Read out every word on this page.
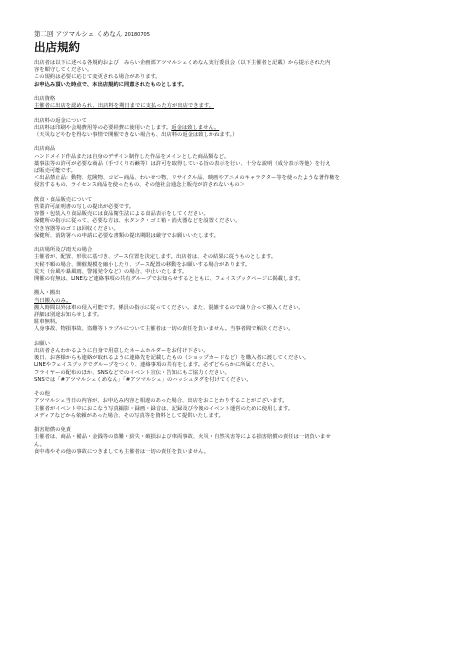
第二回 アツマルシェ くめなん 20180705
出店規約
出店者は以下に述べる各規約および　みらい企画部アツマルシェくめなん実行委員会（以下主催者と記載）から提示された内
容を順守してください。
この規約は必要に応じて変更される場合があります。
お申込み頂いた時点で、本出店規約に同意されたものとします。
出店資格
主催者に出店を認められ、出店料を期日までに支払った方が出店できます。
出店料の返金について
出店料は印刷や会場費用等の必要経費に使用いたします。返金は致しません。
（天災などやむを得ない事情で開催できない場合も、出店料の返金は致しかねます。）
出店商品
ハンドメイド作品または自身のデザイン制作した作品をメインとした商品類など。
薬事法等の許可が必要な商品（手づくり石鹸等）は許可を取得している旨の表示を行い、十分な説明（成分表示等他）を行え
ば販売可能です。
＜出品禁止品：動物、危険物、コピー商品、わいせつ物、リサイクル品、映画やアニメのキャラクター等を使ったような著作権を
侵害するもの、ライセンス商品を使ったもの、その他社会通念上販売が許されないもの＞
飲食・食品販売について
営業許可証明書の写しの提出が必要です。
容器・包装入り食品販売には食品衛生法による食品表示をしてください。
保健所の指示に従って、必要な方は、水タンク・ゴミ箱・消火器などを設置ください。
空き容器等のゴミは回収ください。
保健所、消防署への申請に必要な書類の提出期限は厳守でお願いいたします。
出店場所及び雨天の場合
主催者が、配置、形状に基づき、ブース位置を決定します。出店者は、その結果に従うものとします。
天候不順の場合、開催規模を縮小したり、ブース配置の移動をお願いする場合があります。
荒天（台風や暴風雨、警報発令など）の場合、中止いたします。
開催の有無は、LINEなど連絡事項の共有グループでお知らせするとともに、フェイスブックページに掲載します。
搬入・搬出
当日搬入のみ。
搬入時間以外は車の侵入可能です。係員の指示に従ってください。また、混雑するので譲り合って搬入ください。
詳細は別途お知らせします。
駐車無料。
人身事故、物損事故、盗難等トラブルについて主催者は一切の責任を負いません。当事者間で解決ください。
お願い
出店者さんわかるように自身で用意したネームホルダーをお付け下さい。
後日、お客様からも連絡が取れるように連絡先を記載したもの（ショップカードなど）を購入者に渡してください。
LINEやフェイスブックでグループをつくり、連絡事項の共有をします。必ずどちらかに所属ください。
フライヤーの配布のほか、SNSなどでのイベント宣伝・告知にもご協力ください。
SNSでは「#アツマルシェくめなん」「#アツマルシェ」のハッシュタグを付けてください。
その他
アツマルシェ当日の内容が、お申込み内容と相違のあった場合、出店をおことわりすることがございます。
主催者がイベント中におこなう写真撮影・録画・録音は、記録及び今後のイベント運営のために使用します。
メディアなどから依頼があった場合、その写真等を資料として提供いたします。
損害賠償の免責
主催者は、商品・備品・金銭等の盗難・紛失・破損および車両事故、火災・自然災害等による損害賠償の責任は一切負いませ
ん。
食中毒やその他の事故につきましても主催者は一切の責任を負いません。
